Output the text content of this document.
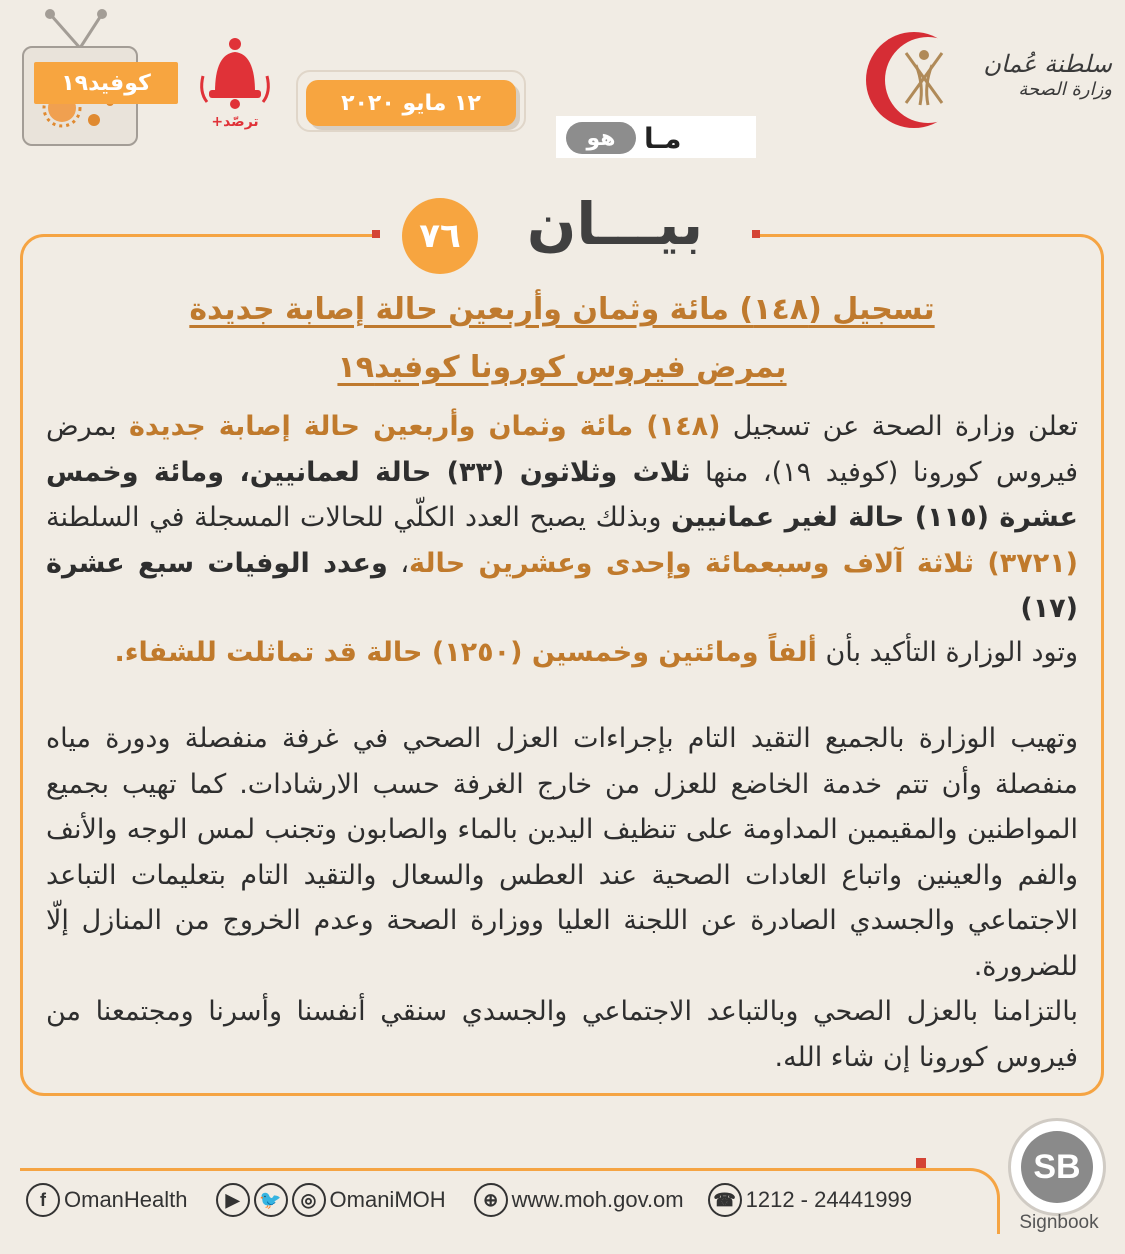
كوفيد١٩
ترصّد+
١٢ مايو ٢٠٢٠
سلطنة عُمان
وزارة الصحة
هو	مـا
٧٦	بيـــان
تسجيل (١٤٨) مائة وثمان وأربعين حالة إصابة جديدة
بمرض فيروس كورونا كوفيد١٩
تعلن وزارة الصحة عن تسجيل (١٤٨) مائة وثمان وأربعين حالة إصابة جديدة بمرض فيروس كورونا (كوفيد ١٩)، منها ثلاث وثلاثون (٣٣) حالة لعمانيين، ومائة وخمس عشرة (١١٥) حالة لغير عمانيين وبذلك يصبح العدد الكلّي للحالات المسجلة في السلطنة (٣٧٢١) ثلاثة آلاف وسبعمائة وإحدى وعشرين حالة، وعدد الوفيات سبع عشرة (١٧)
وتود الوزارة التأكيد بأن ألفاً ومائتين وخمسين (١٢٥٠) حالة قد تماثلت للشفاء.
وتهيب الوزارة بالجميع التقيد التام بإجراءات العزل الصحي في غرفة منفصلة ودورة مياه منفصلة وأن تتم خدمة الخاضع للعزل من خارج الغرفة حسب الارشادات. كما تهيب بجميع المواطنين والمقيمين المداومة على تنظيف اليدين بالماء والصابون وتجنب لمس الوجه والأنف والفم والعينين واتباع العادات الصحية عند العطس والسعال والتقيد التام بتعليمات التباعد الاجتماعي والجسدي الصادرة عن اللجنة العليا ووزارة الصحة وعدم الخروج من المنازل إلّا للضرورة.
بالتزامنا بالعزل الصحي وبالتباعد الاجتماعي والجسدي سنقي أنفسنا وأسرنا ومجتمعنا من فيروس كورونا إن شاء الله.
f OmanHealth	▶	🐦	◎ OmaniMOH	⊕ www.moh.gov.om	☎ 1212 - 24441999
SB
Signbook
